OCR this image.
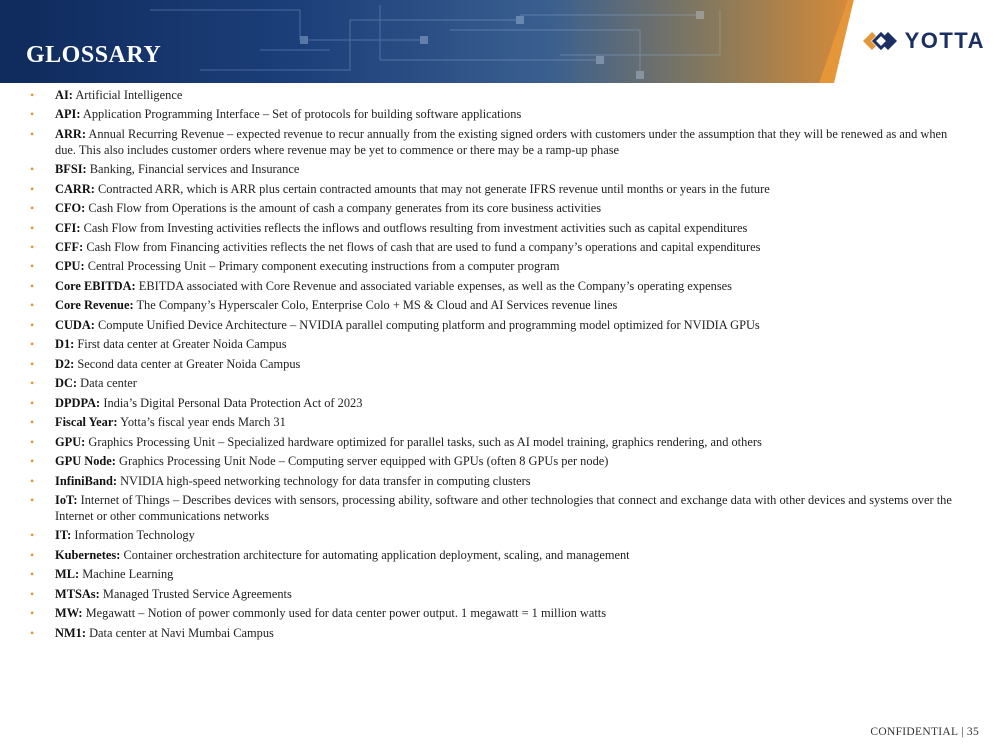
GLOSSARY
YOTTA
• AI: Artificial Intelligence
• API: Application Programming Interface – Set of protocols for building software applications
• ARR: Annual Recurring Revenue – expected revenue to recur annually from the existing signed orders with customers under the assumption that they will be renewed as and when due. This also includes customer orders where revenue may be yet to commence or there may be a ramp-up phase
• BFSI: Banking, Financial services and Insurance
• CARR: Contracted ARR, which is ARR plus certain contracted amounts that may not generate IFRS revenue until months or years in the future
• CFO: Cash Flow from Operations is the amount of cash a company generates from its core business activities
• CFI: Cash Flow from Investing activities reflects the inflows and outflows resulting from investment activities such as capital expenditures
• CFF: Cash Flow from Financing activities reflects the net flows of cash that are used to fund a company’s operations and capital expenditures
• CPU: Central Processing Unit – Primary component executing instructions from a computer program
• Core EBITDA: EBITDA associated with Core Revenue and associated variable expenses, as well as the Company’s operating expenses
• Core Revenue: The Company’s Hyperscaler Colo, Enterprise Colo + MS & Cloud and AI Services revenue lines
• CUDA: Compute Unified Device Architecture – NVIDIA parallel computing platform and programming model optimized for NVIDIA GPUs
• D1: First data center at Greater Noida Campus
• D2: Second data center at Greater Noida Campus
• DC: Data center
• DPDPA: India’s Digital Personal Data Protection Act of 2023
• Fiscal Year: Yotta’s fiscal year ends March 31
• GPU: Graphics Processing Unit – Specialized hardware optimized for parallel tasks, such as AI model training, graphics rendering, and others
• GPU Node: Graphics Processing Unit Node – Computing server equipped with GPUs (often 8 GPUs per node)
• InfiniBand: NVIDIA high-speed networking technology for data transfer in computing clusters
• IoT: Internet of Things – Describes devices with sensors, processing ability, software and other technologies that connect and exchange data with other devices and systems over the Internet or other communications networks
• IT: Information Technology
• Kubernetes: Container orchestration architecture for automating application deployment, scaling, and management
• ML: Machine Learning
• MTSAs: Managed Trusted Service Agreements
• MW: Megawatt – Notion of power commonly used for data center power output. 1 megawatt = 1 million watts
• NM1: Data center at Navi Mumbai Campus
CONFIDENTIAL | 35
